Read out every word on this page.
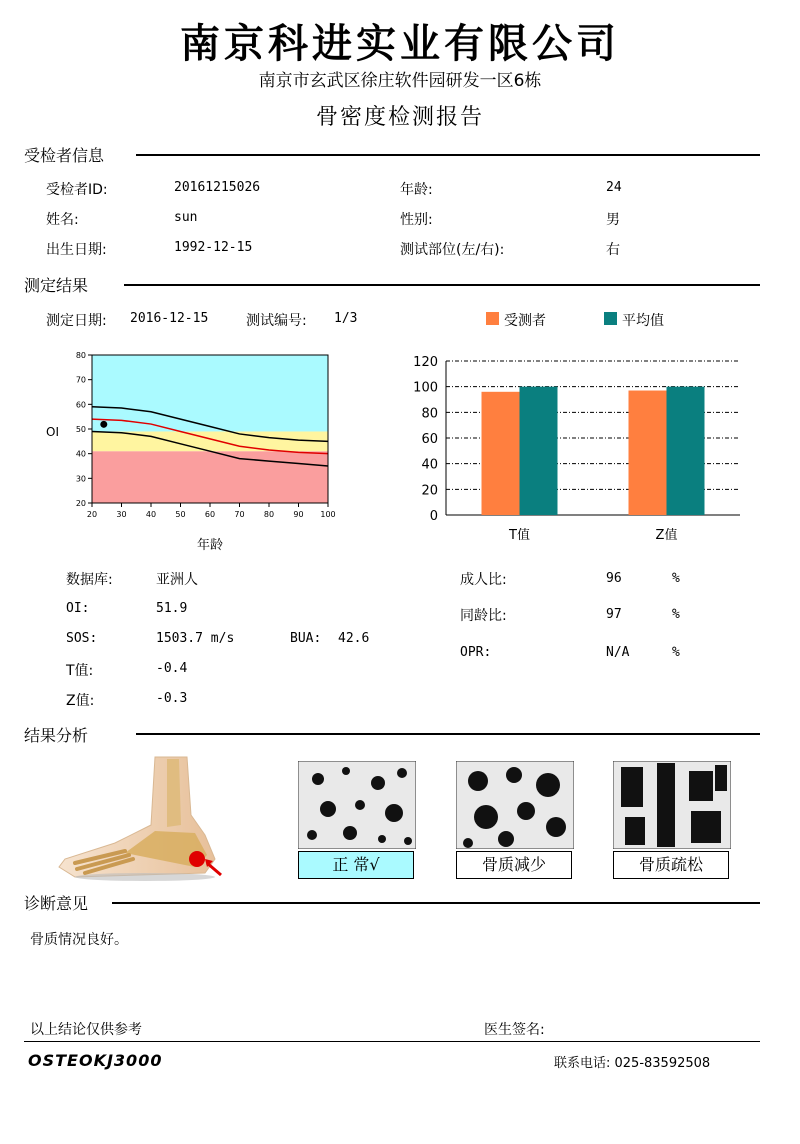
南京科进实业有限公司
南京市玄武区徐庄软件园研发一区6栋
骨密度检测报告
受检者信息
受检者ID:	20161215026	年龄:	24
姓名:	sun	性别:	男
出生日期:	1992-12-15	测试部位(左/右):	右
测定结果
测定日期: 2016-12-15	测试编号: 1/3	受测者	平均值
80
70
60
50
40
30
20
20 30 40 50 60 70 80 90 100
OI
年龄
120
100
80
60
40
20
0
T值	Z值
数据库:	亚洲人
OI:	51.9
SOS:	1503.7 m/s	BUA: 42.6
T值:	-0.4
Z值:	-0.3
成人比:	96	%
同龄比:	97	%
OPR:	N/A	%
结果分析
正 常√	骨质减少	骨质疏松
诊断意见
骨质情况良好。
以上结论仅供参考	医生签名:
OSTEOKJ3000	联系电话: 025-83592508
